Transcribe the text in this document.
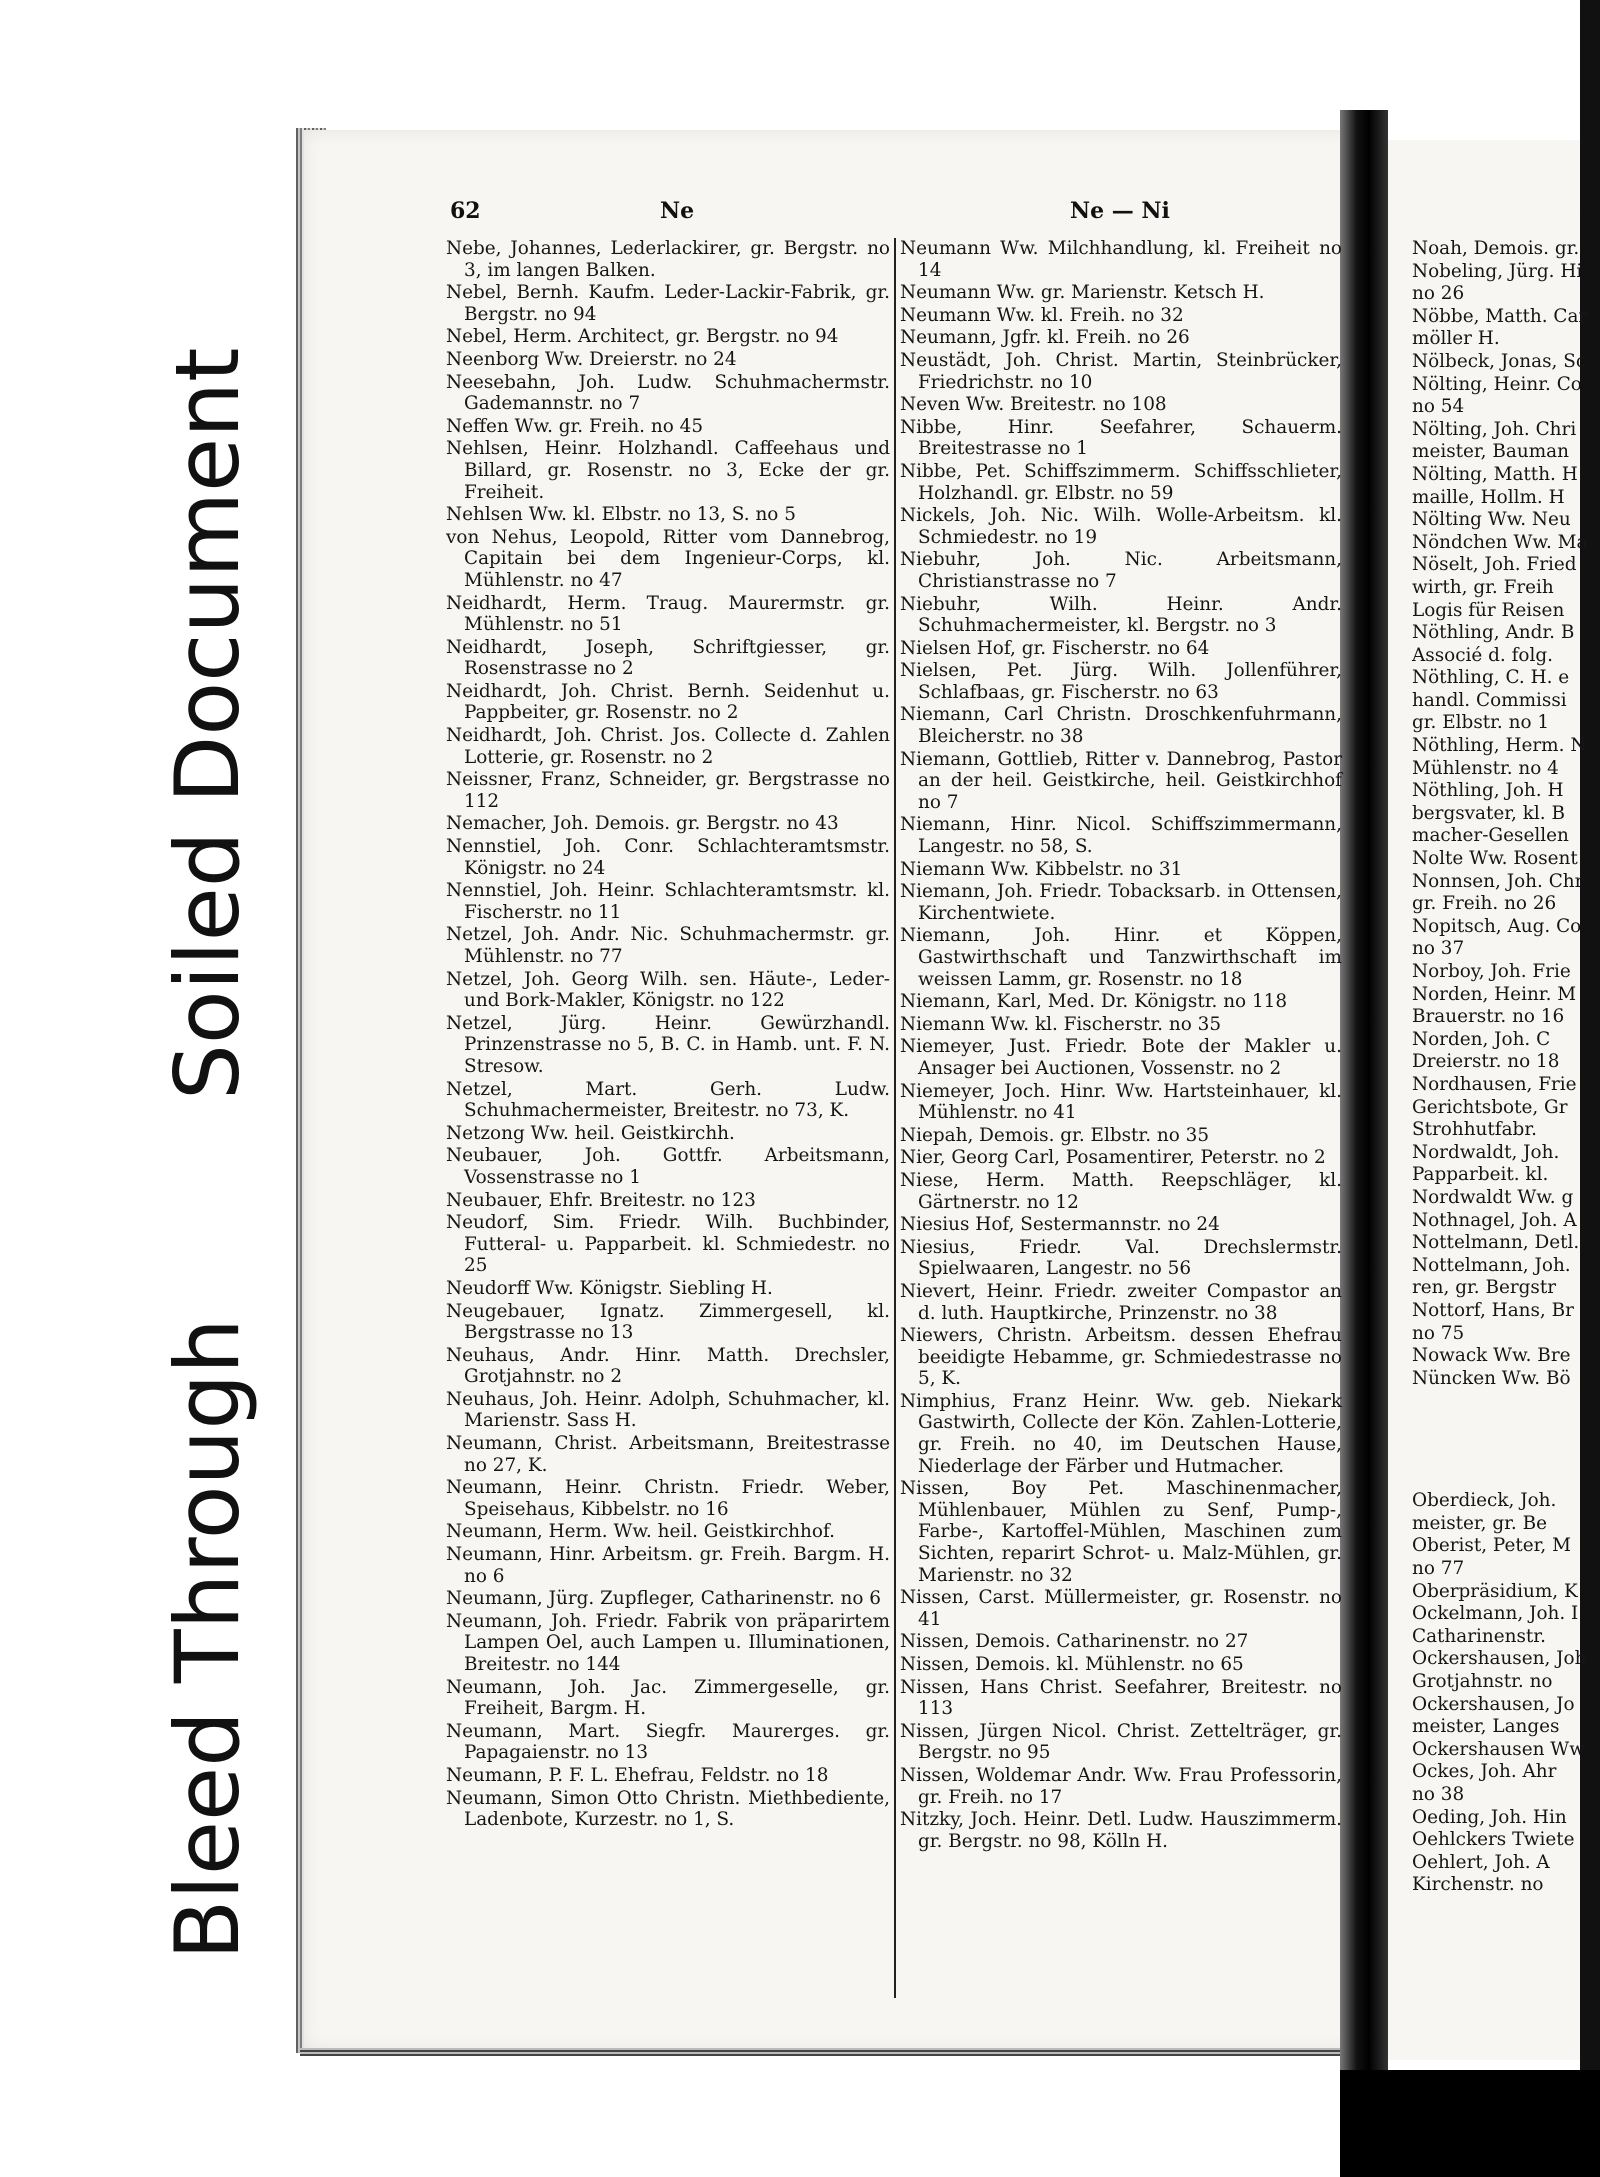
Soiled Document
Bleed Through
62	Ne	Ne — Ni	N

Nebe, Johannes, Lederlackirer, gr. Bergstr. no 3, im langen Balken.

Nebel, Bernh. Kaufm. Leder-Lackir-Fabrik, gr. Bergstr. no 94

Nebel, Herm. Architect, gr. Bergstr. no 94

Neenborg Ww. Dreierstr. no 24

Neesebahn, Joh. Ludw. Schuhmachermstr. Gademannstr. no 7

Neffen Ww. gr. Freih. no 45

Nehlsen, Heinr. Holzhandl. Caffeehaus und Billard, gr. Rosenstr. no 3, Ecke der gr. Freiheit.

Nehlsen Ww. kl. Elbstr. no 13, S. no 5

von Nehus, Leopold, Ritter vom Dannebrog, Capitain bei dem Ingenieur-Corps, kl. Mühlenstr. no 47

Neidhardt, Herm. Traug. Maurermstr. gr. Mühlenstr. no 51

Neidhardt, Joseph, Schriftgiesser, gr. Rosenstrasse no 2

Neidhardt, Joh. Christ. Bernh. Seidenhut u. Pappbeiter, gr. Rosenstr. no 2

Neidhardt, Joh. Christ. Jos. Collecte d. Zahlen Lotterie, gr. Rosenstr. no 2

Neissner, Franz, Schneider, gr. Bergstrasse no 112

Nemacher, Joh. Demois. gr. Bergstr. no 43

Nennstiel, Joh. Conr. Schlachteramtsmstr. Königstr. no 24

Nennstiel, Joh. Heinr. Schlachteramtsmstr. kl. Fischerstr. no 11

Netzel, Joh. Andr. Nic. Schuhmachermstr. gr. Mühlenstr. no 77

Netzel, Joh. Georg Wilh. sen. Häute-, Leder- und Bork-Makler, Königstr. no 122

Netzel, Jürg. Heinr. Gewürzhandl. Prinzenstrasse no 5, B. C. in Hamb. unt. F. N. Stresow.

Netzel, Mart. Gerh. Ludw. Schuhmachermeister, Breitestr. no 73, K.

Netzong Ww. heil. Geistkirchh.

Neubauer, Joh. Gottfr. Arbeitsmann, Vossenstrasse no 1

Neubauer, Ehfr. Breitestr. no 123

Neudorf, Sim. Friedr. Wilh. Buchbinder, Futteral- u. Papparbeit. kl. Schmiedestr. no 25

Neudorff Ww. Königstr. Siebling H.

Neugebauer, Ignatz. Zimmergesell, kl. Bergstrasse no 13

Neuhaus, Andr. Hinr. Matth. Drechsler, Grotjahnstr. no 2

Neuhaus, Joh. Heinr. Adolph, Schuhmacher, kl. Marienstr. Sass H.

Neumann, Christ. Arbeitsmann, Breitestrasse no 27, K.

Neumann, Heinr. Christn. Friedr. Weber, Speisehaus, Kibbelstr. no 16

Neumann, Herm. Ww. heil. Geistkirchhof.

Neumann, Hinr. Arbeitsm. gr. Freih. Bargm. H. no 6

Neumann, Jürg. Zupfleger, Catharinenstr. no 6

Neumann, Joh. Friedr. Fabrik von präparirtem Lampen Oel, auch Lampen u. Illuminationen, Breitestr. no 144

Neumann, Joh. Jac. Zimmergeselle, gr. Freiheit, Bargm. H.

Neumann, Mart. Siegfr. Maurerges. gr. Papagaienstr. no 13

Neumann, P. F. L. Ehefrau, Feldstr. no 18

Neumann, Simon Otto Christn. Miethbediente, Ladenbote, Kurzestr. no 1, S.

Neumann Ww. Milchhandlung, kl. Freiheit no 14

Neumann Ww. gr. Marienstr. Ketsch H.

Neumann Ww. kl. Freih. no 32

Neumann, Jgfr. kl. Freih. no 26

Neustädt, Joh. Christ. Martin, Steinbrücker, Friedrichstr. no 10

Neven Ww. Breitestr. no 108

Nibbe, Hinr. Seefahrer, Schauerm. Breitestrasse no 1

Nibbe, Pet. Schiffszimmerm. Schiffsschlieter, Holzhandl. gr. Elbstr. no 59

Nickels, Joh. Nic. Wilh. Wolle-Arbeitsm. kl. Schmiedestr. no 19

Niebuhr, Joh. Nic. Arbeitsmann, Christianstrasse no 7

Niebuhr, Wilh. Heinr. Andr. Schuhmachermeister, kl. Bergstr. no 3

Nielsen Hof, gr. Fischerstr. no 64

Nielsen, Pet. Jürg. Wilh. Jollenführer, Schlafbaas, gr. Fischerstr. no 63

Niemann, Carl Christn. Droschkenfuhrmann, Bleicherstr. no 38

Niemann, Gottlieb, Ritter v. Dannebrog, Pastor an der heil. Geistkirche, heil. Geistkirchhof no 7

Niemann, Hinr. Nicol. Schiffszimmermann, Langestr. no 58, S.

Niemann Ww. Kibbelstr. no 31

Niemann, Joh. Friedr. Tobacksarb. in Ottensen, Kirchentwiete.

Niemann, Joh. Hinr. et Köppen, Gastwirthschaft und Tanzwirthschaft im weissen Lamm, gr. Rosenstr. no 18

Niemann, Karl, Med. Dr. Königstr. no 118

Niemann Ww. kl. Fischerstr. no 35

Niemeyer, Just. Friedr. Bote der Makler u. Ansager bei Auctionen, Vossenstr. no 2

Niemeyer, Joch. Hinr. Ww. Hartsteinhauer, kl. Mühlenstr. no 41

Niepah, Demois. gr. Elbstr. no 35

Nier, Georg Carl, Posamentirer, Peterstr. no 2

Niese, Herm. Matth. Reepschläger, kl. Gärtnerstr. no 12

Niesius Hof, Sestermannstr. no 24

Niesius, Friedr. Val. Drechslermstr. Spielwaaren, Langestr. no 56

Nievert, Heinr. Friedr. zweiter Compastor an d. luth. Hauptkirche, Prinzenstr. no 38

Niewers, Christn. Arbeitsm. dessen Ehefrau beeidigte Hebamme, gr. Schmiedestrasse no 5, K.

Nimphius, Franz Heinr. Ww. geb. Niekark Gastwirth, Collecte der Kön. Zahlen-Lotterie, gr. Freih. no 40, im Deutschen Hause, Niederlage der Färber und Hutmacher.

Nissen, Boy Pet. Maschinenmacher, Mühlenbauer, Mühlen zu Senf, Pump-, Farbe-, Kartoffel-Mühlen, Maschinen zum Sichten, reparirt Schrot- u. Malz-Mühlen, gr. Marienstr. no 32

Nissen, Carst. Müllermeister, gr. Rosenstr. no 41

Nissen, Demois. Catharinenstr. no 27

Nissen, Demois. kl. Mühlenstr. no 65

Nissen, Hans Christ. Seefahrer, Breitestr. no 113

Nissen, Jürgen Nicol. Christ. Zettelträger, gr. Bergstr. no 95

Nissen, Woldemar Andr. Ww. Frau Professorin, gr. Freih. no 17

Nitzky, Joch. Heinr. Detl. Ludw. Hauszimmerm. gr. Bergstr. no 98, Kölln H.

Noah, Demois. gr.

Nobeling, Jürg. Hi

no 26

Nöbbe, Matth. Car

möller H.

Nölbeck, Jonas, Sc

Nölting, Heinr. Co

no 54

Nölting, Joh. Chri

meister, Bauman

Nölting, Matth. H

maille, Hollm. H

Nölting Ww. Neu

Nöndchen Ww. Ma

Nöselt, Joh. Fried

wirth, gr. Freih

Logis für Reisen

Nöthling, Andr. B

Associé d. folg.

Nöthling, C. H. e

handl. Commissi

gr. Elbstr. no 1

Nöthling, Herm. N

Mühlenstr. no 4

Nöthling, Joh. H

bergsvater, kl. B

macher-Gesellen

Nolte Ww. Rosent

Nonnsen, Joh. Chr

gr. Freih. no 26

Nopitsch, Aug. Co

no 37

Norboy, Joh. Frie

Norden, Heinr. M

Brauerstr. no 16

Norden, Joh. C

Dreierstr. no 18

Nordhausen, Frie

Gerichtsbote, Gr

Strohhutfabr.

Nordwaldt, Joh.

Papparbeit. kl.

Nordwaldt Ww. g

Nothnagel, Joh. A

Nottelmann, Detl.

Nottelmann, Joh.

ren, gr. Bergstr

Nottorf, Hans, Br

no 75

Nowack Ww. Bre

Nüncken Ww. Bö

Oberdieck, Joh.

meister, gr. Be

Oberist, Peter, M

no 77

Oberpräsidium, K

Ockelmann, Joh. I

Catharinenstr.

Ockershausen, Joh

Grotjahnstr. no

Ockershausen, Jo

meister, Langes

Ockershausen Ww

Ockes, Joh. Ahr

no 38

Oeding, Joh. Hin

Oehlckers Twiete

Oehlert, Joh. A

Kirchenstr. no
